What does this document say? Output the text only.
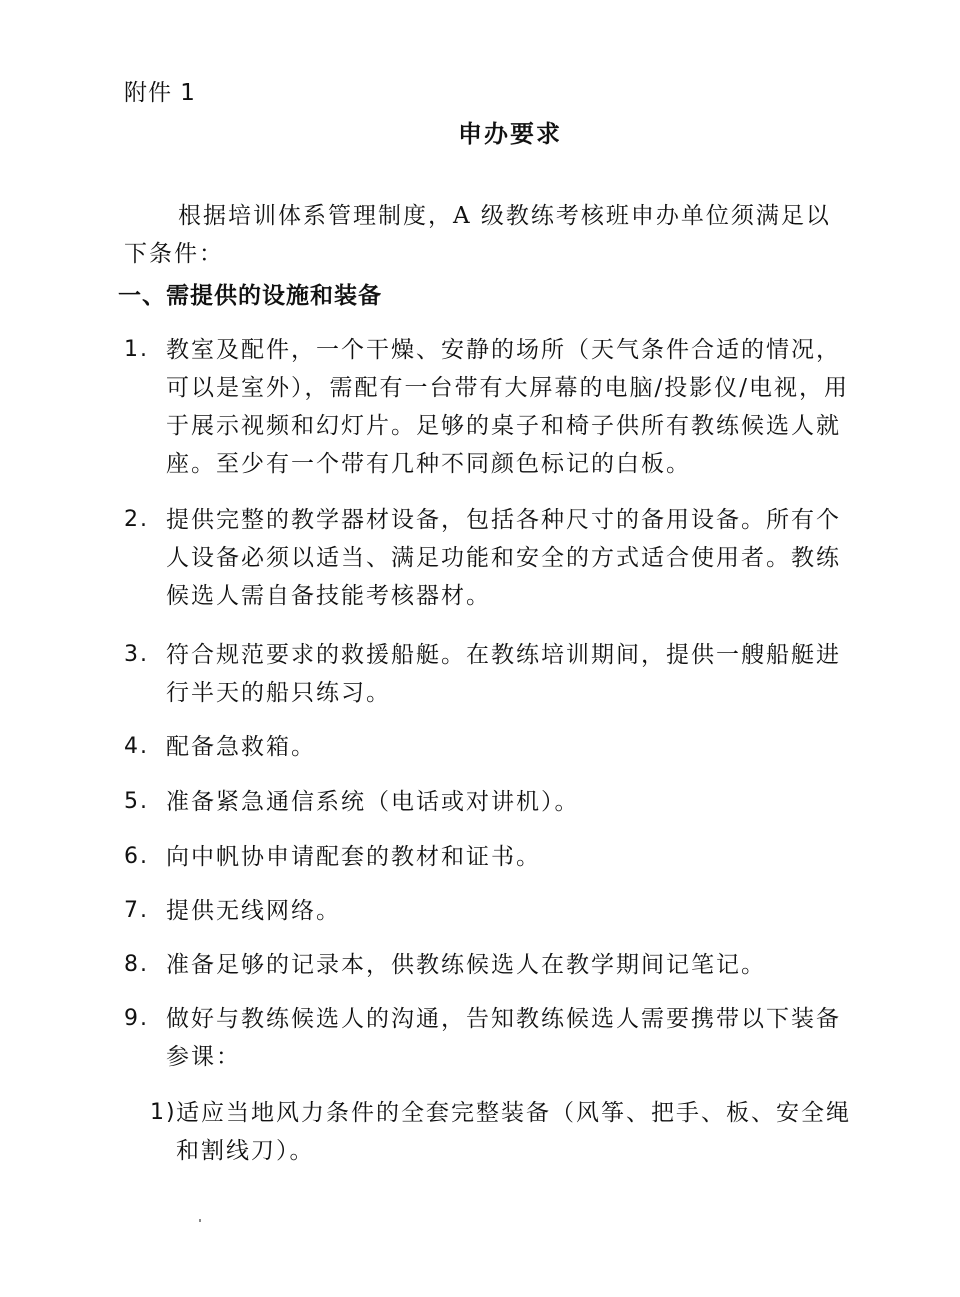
附件 1
申办要求

根据培训体系管理制度，A 级教练考核班申办单位须满足以下条件：

一、需提供的设施和装备
1. 教室及配件，一个干燥、安静的场所（天气条件合适的情况，可以是室外），需配有一台带有大屏幕的电脑/投影仪/电视，用于展示视频和幻灯片。足够的桌子和椅子供所有教练候选人就座。至少有一个带有几种不同颜色标记的白板。
2. 提供完整的教学器材设备，包括各种尺寸的备用设备。所有个人设备必须以适当、满足功能和安全的方式适合使用者。教练候选人需自备技能考核器材。
3. 符合规范要求的救援船艇。在教练培训期间，提供一艘船艇进行半天的船只练习。
4. 配备急救箱。
5. 准备紧急通信系统（电话或对讲机）。
6. 向中帆协申请配套的教材和证书。
7. 提供无线网络。
8. 准备足够的记录本，供教练候选人在教学期间记笔记。
9. 做好与教练候选人的沟通，告知教练候选人需要携带以下装备参课：
1) 适应当地风力条件的全套完整装备（风筝、把手、板、安全绳和割线刀）。
